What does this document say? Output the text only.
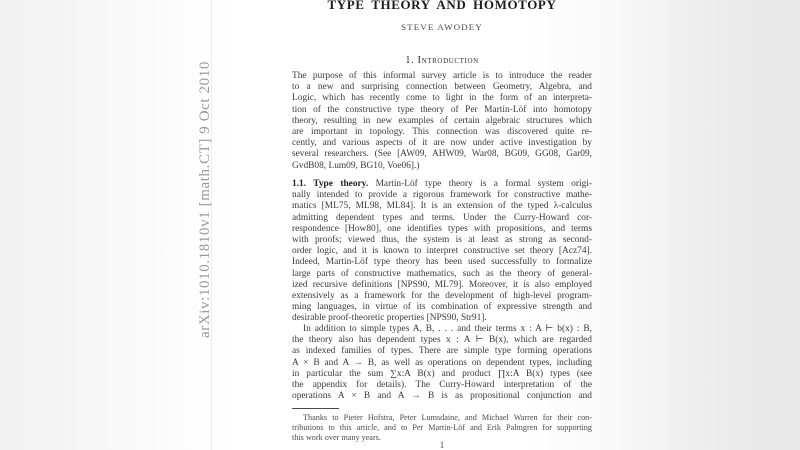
arXiv:1010.1810v1 [math.CT] 9 Oct 2010
TYPE THEORY AND HOMOTOPY
STEVE AWODEY
1. Introduction
The purpose of this informal survey article is to introduce the reader
to a new and surprising connection between Geometry, Algebra, and
Logic, which has recently come to light in the form of an interpreta-
tion of the constructive type theory of Per Martin-Löf into homotopy
theory, resulting in new examples of certain algebraic structures which
are important in topology. This connection was discovered quite re-
cently, and various aspects of it are now under active investigation by
several researchers. (See [AW09, AHW09, War08, BG09, GG08, Gar09,
GvdB08, Lum09, BG10, Voe06].)
1.1. Type theory. Martin-Löf type theory is a formal system origi-
nally intended to provide a rigorous framework for constructive mathe-
matics [ML75, ML98, ML84]. It is an extension of the typed λ-calculus
admitting dependent types and terms. Under the Curry-Howard cor-
respondence [How80], one identifies types with propositions, and terms
with proofs; viewed thus, the system is at least as strong as second-
order logic, and it is known to interpret constructive set theory [Acz74].
Indeed, Martin-Löf type theory has been used successfully to formalize
large parts of constructive mathematics, such as the theory of general-
ized recursive definitions [NPS90, ML79]. Moreover, it is also employed
extensively as a framework for the development of high-level program-
ming languages, in virtue of its combination of expressive strength and
desirable proof-theoretic properties [NPS90, Str91].
In addition to simple types A, B, . . . and their terms x : A ⊢ b(x) : B,
the theory also has dependent types x : A ⊢ B(x), which are regarded
as indexed families of types. There are simple type forming operations
A × B and A → B, as well as operations on dependent types, including
in particular the sum ∑x:A B(x) and product ∏x:A B(x) types (see
the appendix for details). The Curry-Howard interpretation of the
operations A × B and A → B is as propositional conjunction and
Thanks to Pieter Hofstra, Peter Lumsdaine, and Michael Warren for their con-
tributions to this article, and to Per Martin-Löf and Erik Palmgren for supporting
this work over many years.
1
